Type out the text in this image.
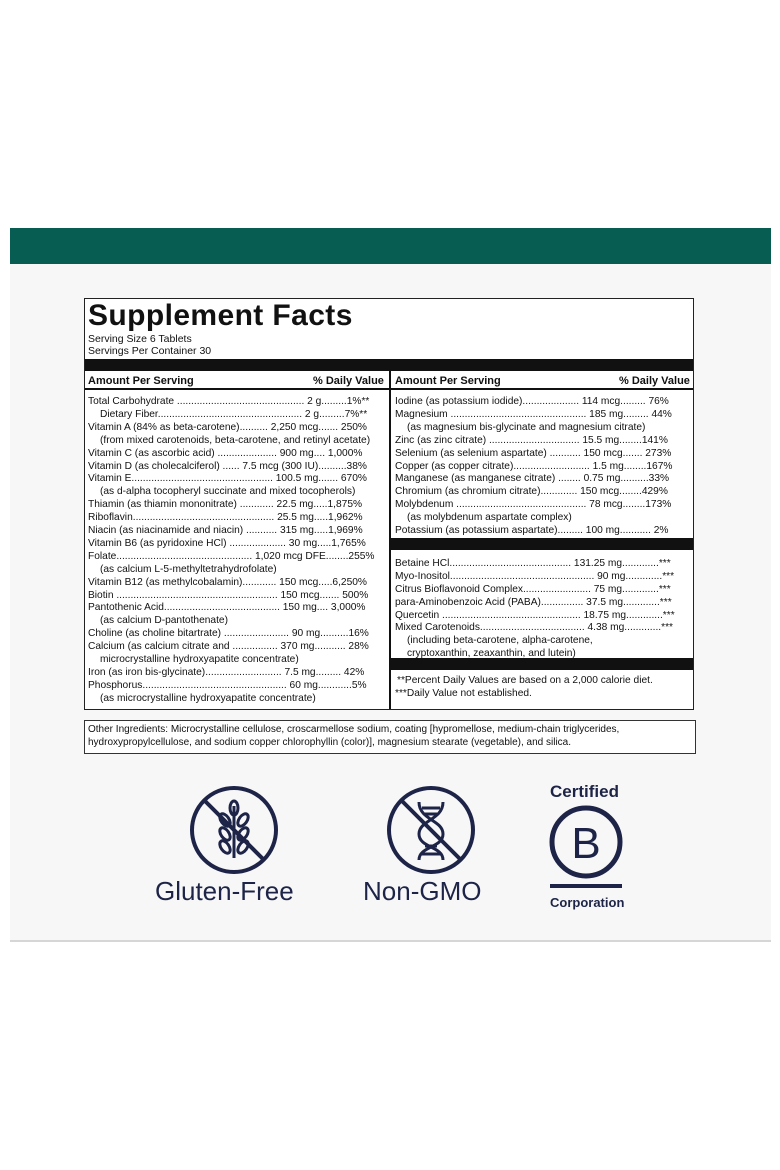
Supplement Facts
Serving Size 6 Tablets
Servings Per Container 30
Amount Per Serving	% Daily Value Amount Per Serving	% Daily Value
Total Carbohydrate ............................................. 2 g.........1%**
Dietary Fiber................................................... 2 g.........7%**
Vitamin A (84% as beta-carotene).......... 2,250 mcg....... 250%
(from mixed carotenoids, beta-carotene, and retinyl acetate)
Vitamin C (as ascorbic acid) ..................... 900 mg.... 1,000%
Vitamin D (as cholecalciferol) ...... 7.5 mcg (300 IU)..........38%
Vitamin E.................................................. 100.5 mg....... 670%
(as d-alpha tocopheryl succinate and mixed tocopherols)
Thiamin (as thiamin mononitrate) ............ 22.5 mg.....1,875%
Riboflavin.................................................. 25.5 mg.....1,962%
Niacin (as niacinamide and niacin) ........... 315 mg.....1,969%
Vitamin B6 (as pyridoxine HCl) .................... 30 mg.....1,765%
Folate................................................ 1,020 mcg DFE........255%
(as calcium L-5-methyltetrahydrofolate)
Vitamin B12 (as methylcobalamin)............ 150 mcg.....6,250%
Biotin ......................................................... 150 mcg....... 500%
Pantothenic Acid......................................... 150 mg.... 3,000%
(as calcium D-pantothenate)
Choline (as choline bitartrate) ....................... 90 mg..........16%
Calcium (as calcium citrate and ................ 370 mg........... 28%
microcrystalline hydroxyapatite concentrate)
Iron (as iron bis-glycinate)........................... 7.5 mg......... 42%
Phosphorus................................................... 60 mg............5%
(as microcrystalline hydroxyapatite concentrate)
Iodine (as potassium iodide).................... 114 mcg......... 76%
Magnesium ................................................ 185 mg......... 44%
(as magnesium bis-glycinate and magnesium citrate)
Zinc (as zinc citrate) ................................ 15.5 mg........141%
Selenium (as selenium aspartate) ........... 150 mcg....... 273%
Copper (as copper citrate)........................... 1.5 mg........167%
Manganese (as manganese citrate) ........ 0.75 mg..........33%
Chromium (as chromium citrate)............. 150 mcg........429%
Molybdenum .............................................. 78 mcg........173%
(as molybdenum aspartate complex)
Potassium (as potassium aspartate)......... 100 mg........... 2%
Betaine HCl........................................... 131.25 mg.............***
Myo-Inositol................................................... 90 mg.............***
Citrus Bioflavonoid Complex........................ 75 mg.............***
para-Aminobenzoic Acid (PABA)............... 37.5 mg.............***
Quercetin ................................................. 18.75 mg.............***
Mixed Carotenoids..................................... 4.38 mg.............***
(including beta-carotene, alpha-carotene,
cryptoxanthin, zeaxanthin, and lutein)
**Percent Daily Values are based on a 2,000 calorie diet.
***Daily Value not established.
Other Ingredients: Microcrystalline cellulose, croscarmellose sodium, coating [hypromellose, medium-chain triglycerides, hydroxypropylcellulose, and sodium copper chlorophyllin (color)], magnesium stearate (vegetable), and silica.
Gluten-Free	Non-GMO
Certified
B
Corporation
